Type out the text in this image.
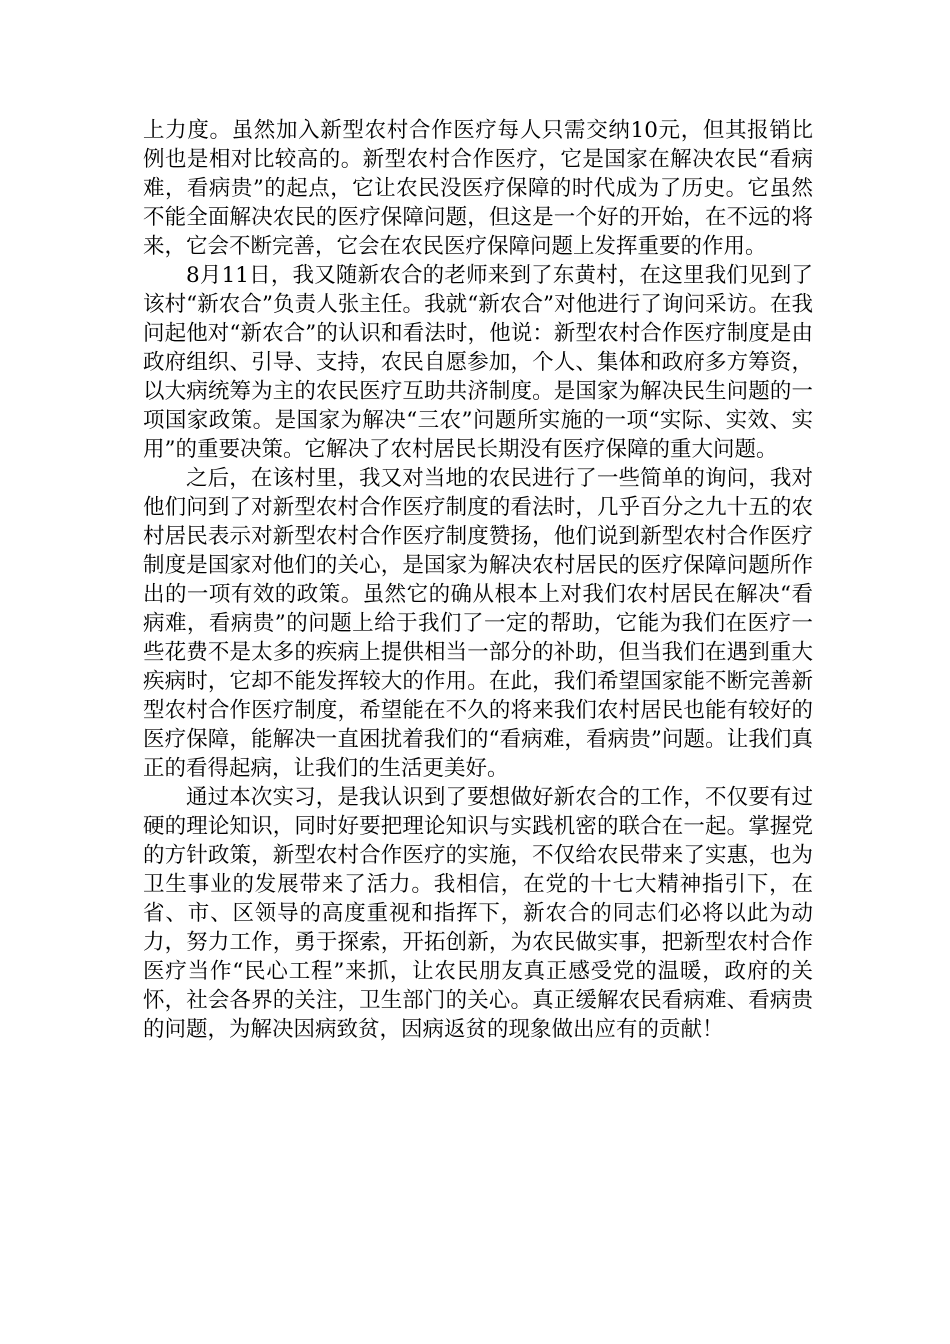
上力度。虽然加入新型农村合作医疗每人只需交纳10元，但其报销比例也是相对比较高的。新型农村合作医疗，它是国家在解决农民“看病难，看病贵”的起点，它让农民没医疗保障的时代成为了历史。它虽然不能全面解决农民的医疗保障问题，但这是一个好的开始，在不远的将来，它会不断完善，它会在农民医疗保障问题上发挥重要的作用。

8月11日，我又随新农合的老师来到了东黄村，在这里我们见到了该村“新农合”负责人张主任。我就“新农合”对他进行了询问采访。在我问起他对“新农合”的认识和看法时，他说：新型农村合作医疗制度是由政府组织、引导、支持，农民自愿参加，个人、集体和政府多方筹资，以大病统筹为主的农民医疗互助共济制度。是国家为解决民生问题的一项国家政策。是国家为解决“三农”问题所实施的一项“实际、实效、实用”的重要决策。它解决了农村居民长期没有医疗保障的重大问题。

之后，在该村里，我又对当地的农民进行了一些简单的询问，我对他们问到了对新型农村合作医疗制度的看法时，几乎百分之九十五的农村居民表示对新型农村合作医疗制度赞扬，他们说到新型农村合作医疗制度是国家对他们的关心，是国家为解决农村居民的医疗保障问题所作出的一项有效的政策。虽然它的确从根本上对我们农村居民在解决“看病难，看病贵”的问题上给于我们了一定的帮助，它能为我们在医疗一些花费不是太多的疾病上提供相当一部分的补助，但当我们在遇到重大疾病时，它却不能发挥较大的作用。在此，我们希望国家能不断完善新型农村合作医疗制度，希望能在不久的将来我们农村居民也能有较好的医疗保障，能解决一直困扰着我们的“看病难，看病贵”问题。让我们真正的看得起病，让我们的生活更美好。

通过本次实习，是我认识到了要想做好新农合的工作，不仅要有过硬的理论知识，同时好要把理论知识与实践机密的联合在一起。掌握党的方针政策，新型农村合作医疗的实施，不仅给农民带来了实惠，也为卫生事业的发展带来了活力。我相信，在党的十七大精神指引下，在省、市、区领导的高度重视和指挥下，新农合的同志们必将以此为动力，努力工作，勇于探索，开拓创新，为农民做实事，把新型农村合作医疗当作“民心工程”来抓，让农民朋友真正感受党的温暖，政府的关怀，社会各界的关注，卫生部门的关心。真正缓解农民看病难、看病贵的问题，为解决因病致贫，因病返贫的现象做出应有的贡献！
